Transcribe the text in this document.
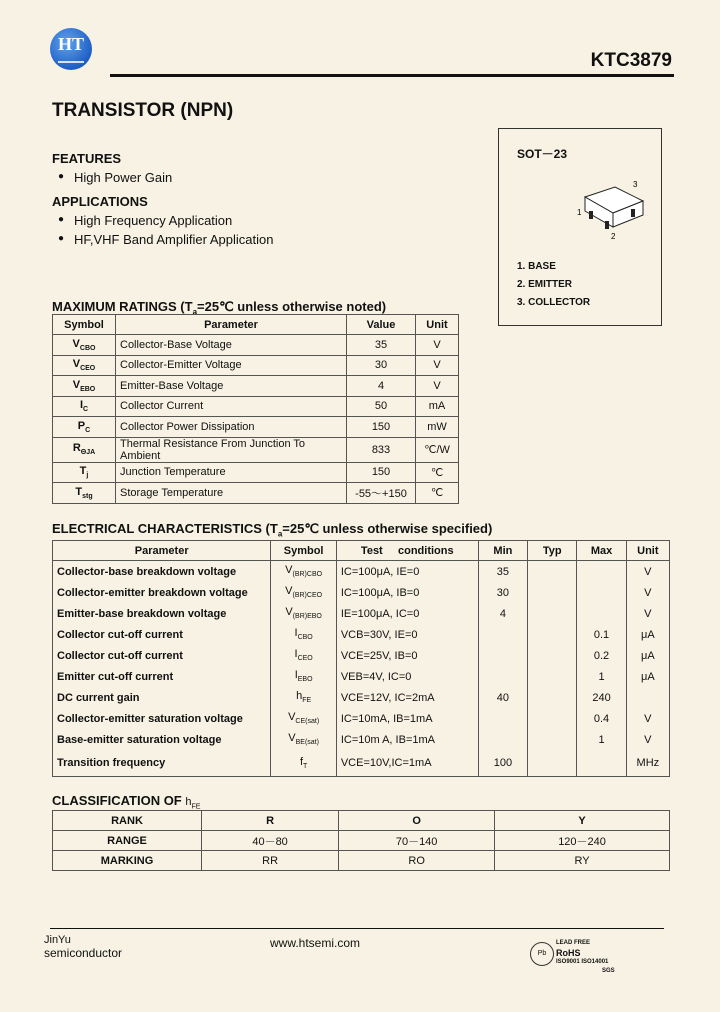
HT
KTC3879
TRANSISTOR (NPN)
FEATURES
● High Power Gain
APPLICATIONS
● High Frequency Application
● HF,VHF Band Amplifier Application
SOT－23
3
2
1
1. BASE
2. EMITTER
3. COLLECTOR
MAXIMUM RATINGS ($T_a=25℃$ unless otherwise noted)
Symbol	Parameter	Value	Unit
$V_{CBO}$	Collector-Base Voltage	35	V
$V_{CEO}$	Collector-Emitter Voltage	30	V
$V_{EBO}$	Emitter-Base Voltage	4	V
$I_C$	Collector Current	50	mA
$P_C$	Collector Power Dissipation	150	mW
$R_{\Theta JA}$	Thermal Resistance From Junction To Ambient	833	℃/W
$T_j$	Junction Temperature	150	℃
$T_{stg}$	Storage Temperature	-55～+150	℃
ELECTRICAL CHARACTERISTICS ($T_a=25℃$ unless otherwise specified)
Parameter	Symbol	Test     conditions	Min	Typ	Max	Unit
Collector-base breakdown voltage	$V_{(BR)CBO}$	IC=100μA, IE=0	35			V
Collector-emitter breakdown voltage	$V_{(BR)CEO}$	IC=100μA, IB=0	30			V
Emitter-base breakdown voltage	$V_{(BR)EBO}$	IE=100μA, IC=0	4			V
Collector cut-off current	$I_{CBO}$	VCB=30V, IE=0			0.1	μA
Collector cut-off current	$I_{CEO}$	VCE=25V, IB=0			0.2	μA
Emitter cut-off current	$I_{EBO}$	VEB=4V, IC=0			1	μA
DC current gain	$h_{FE}$	VCE=12V, IC=2mA	40		240	
Collector-emitter saturation voltage	$V_{CE(sat)}$	IC=10mA, IB=1mA			0.4	V
Base-emitter saturation voltage	$V_{BE(sat)}$	IC=10m A, IB=1mA			1	V
Transition frequency	$f_T$	VCE=10V,IC=1mA	100			MHz
CLASSIFICATION OF $h_{FE}$
RANK	R	O	Y
RANGE	40－80	70－140	120－240
MARKING	RR	RO	RY
JinYu
semiconductor
www.htsemi.com
Pb
LEAD FREE
RoHS
ISO9001 ISO14001
SGS
